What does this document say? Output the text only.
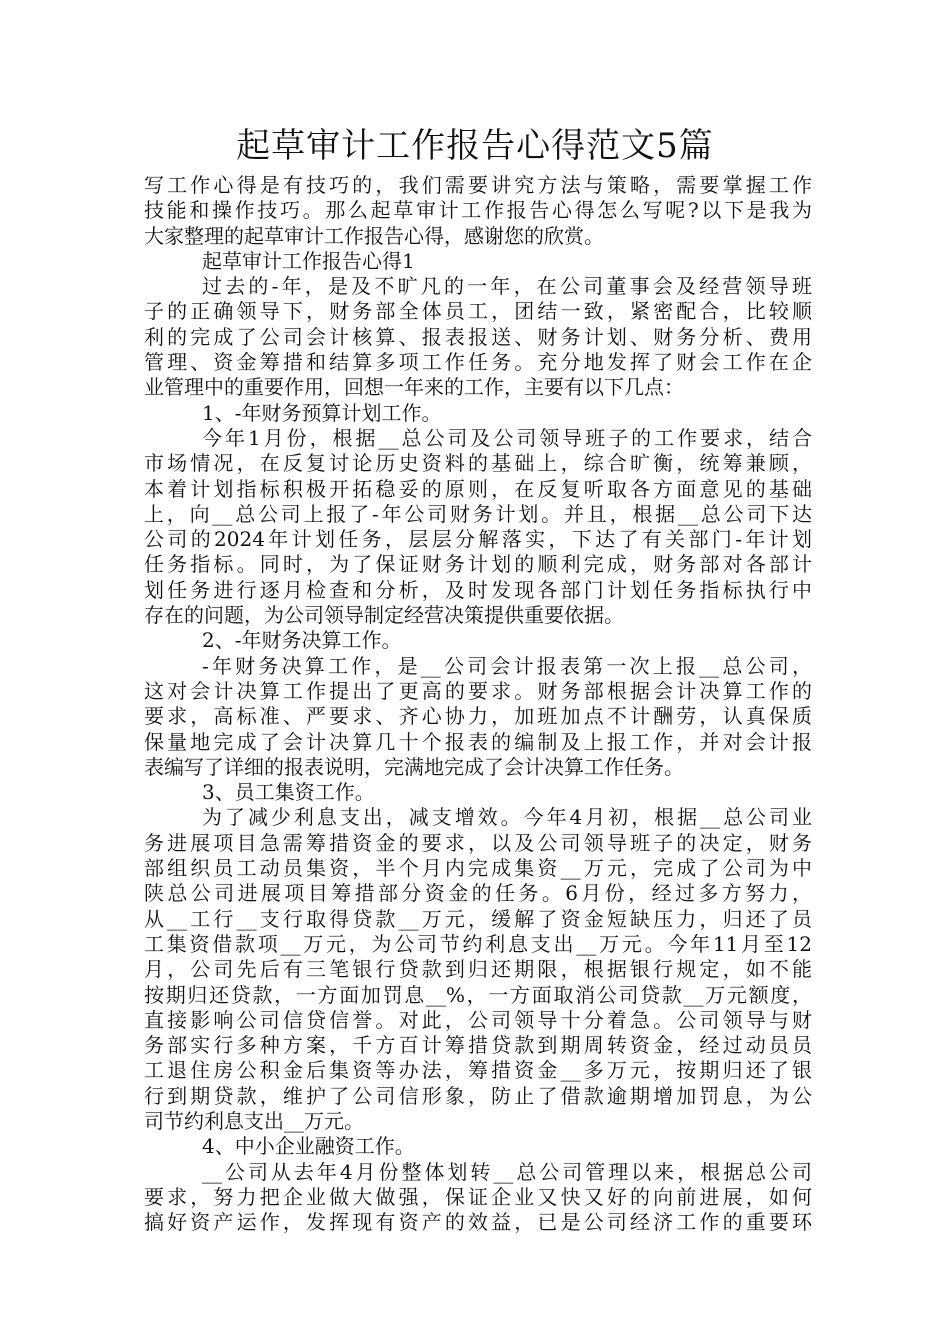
起草审计工作报告心得范文5篇
写工作心得是有技巧的，我们需要讲究方法与策略，需要掌握工作
技能和操作技巧。那么起草审计工作报告心得怎么写呢?以下是我为
大家整理的起草审计工作报告心得，感谢您的欣赏。
起草审计工作报告心得1
过去的-年，是及不旷凡的一年，在公司董事会及经营领导班
子的正确领导下，财务部全体员工，团结一致，紧密配合，比较顺
利的完成了公司会计核算、报表报送、财务计划、财务分析、费用
管理、资金筹措和结算多项工作任务。充分地发挥了财会工作在企
业管理中的重要作用，回想一年来的工作，主要有以下几点：
1、-年财务预算计划工作。
今年1月份，根据__总公司及公司领导班子的工作要求，结合
市场情况，在反复讨论历史资料的基础上，综合旷衡，统筹兼顾，
本着计划指标积极开拓稳妥的原则，在反复听取各方面意见的基础
上，向__总公司上报了-年公司财务计划。并且，根据__总公司下达
公司的2024年计划任务，层层分解落实，下达了有关部门-年计划
任务指标。同时，为了保证财务计划的顺利完成，财务部对各部计
划任务进行逐月检查和分析，及时发现各部门计划任务指标执行中
存在的问题，为公司领导制定经营决策提供重要依据。
2、-年财务决算工作。
-年财务决算工作，是__公司会计报表第一次上报__总公司，
这对会计决算工作提出了更高的要求。财务部根据会计决算工作的
要求，高标准、严要求、齐心协力，加班加点不计酬劳，认真保质
保量地完成了会计决算几十个报表的编制及上报工作，并对会计报
表编写了详细的报表说明，完满地完成了会计决算工作任务。
3、员工集资工作。
为了减少利息支出，减支增效。今年4月初，根据__总公司业
务进展项目急需筹措资金的要求，以及公司领导班子的决定，财务
部组织员工动员集资，半个月内完成集资__万元，完成了公司为中
陕总公司进展项目筹措部分资金的任务。6月份，经过多方努力，
从__工行__支行取得贷款__万元，缓解了资金短缺压力，归还了员
工集资借款项__万元，为公司节约利息支出__万元。今年11月至12
月，公司先后有三笔银行贷款到归还期限，根据银行规定，如不能
按期归还贷款，一方面加罚息__%，一方面取消公司贷款__万元额度，
直接影响公司信贷信誉。对此，公司领导十分着急。公司领导与财
务部实行多种方案，千方百计筹措贷款到期周转资金，经过动员员
工退住房公积金后集资等办法，筹措资金__多万元，按期归还了银
行到期贷款，维护了公司信形象，防止了借款逾期增加罚息，为公
司节约利息支出__万元。
4、中小企业融资工作。
__公司从去年4月份整体划转__总公司管理以来，根据总公司
要求，努力把企业做大做强，保证企业又快又好的向前进展，如何
搞好资产运作，发挥现有资产的效益，已是公司经济工作的重要环
